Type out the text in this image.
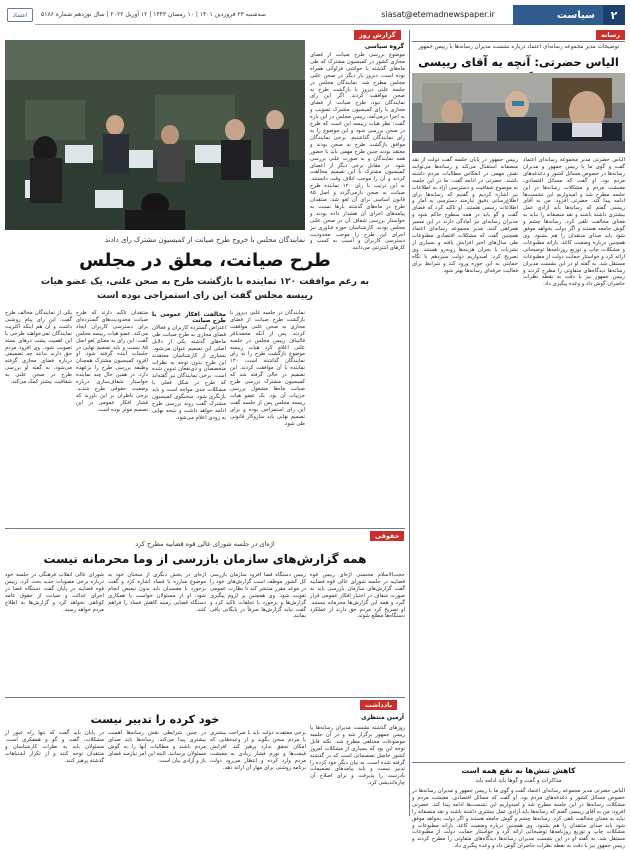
اعتماد	سه‌شنبه ۲۳ فروردین ۱۴۰۱ | ۱۰ رمضان ۱۴۴۳ | ۱۲ آوریل ۲۰۲۲ | سال نوزدهم شماره ۵۱۸۶	siasat@etemadnewspaper.ir	سیاست	۲
رسانه
توضیحات مدیر مجموعه رسانه‌ای اعتماد درباره نشست مدیران رسانه‌ها با رییس جمهور
الیاس حضرتی: آنچه به آقای رییسی
الیاس حضرتی مدیر مجموعه رسانه‌ای اعتماد گفت و گوی ما با رییس جمهور و مدیران رسانه‌ها در خصوص مسائل کشور و دغدغه‌های مردم بود. او گفت که مسائل اقتصادی، معیشت مردم و مشکلات رسانه‌ها در این جلسه مطرح شد و امیدواریم این نشست‌ها ادامه پیدا کند. حضرتی افزود: من به آقای رییسی گفتم که رسانه‌ها باید آزادی عمل بیشتری داشته باشند و نقد منصفانه را نباید به معنای مخالفت تلقی کرد. رسانه‌ها چشم و گوش جامعه هستند و اگر دولت بخواهد موفق شود باید صدای منتقدان را هم بشنود. وی همچنین درباره وضعیت کاغذ، یارانه مطبوعات و مشکلات چاپ و توزیع روزنامه‌ها توضیحاتی ارائه کرد و خواستار حمایت دولت از مطبوعات مستقل شد. به گفته او در این نشست مدیران رسانه‌ها دیدگاه‌های متفاوتی را مطرح کردند و رییس جمهور نیز با دقت به نقطه نظرات حاضران گوش داد و وعده پیگیری داد.
رییس جمهور در پایان جلسه گفت دولت از نقد منصفانه استقبال می‌کند و رسانه‌ها می‌توانند نقش مهمی در انعکاس مطالبات مردم داشته باشند. حضرتی در ادامه گفت: ما در این جلسه به موضوع شفافیت و دسترسی آزاد به اطلاعات نیز اشاره کردیم و گفتیم که رسانه‌ها برای اطلاع‌رسانی دقیق نیازمند دسترسی به آمار و اطلاعات رسمی هستند. او تاکید کرد که فضای گفت و گو باید در همه سطوح حاکم شود و مدیران رسانه‌ای نیز آمادگی دارند در این مسیر همراهی کنند. مدیر مجموعه رسانه‌ای اعتماد همچنین گفت که مشکلات اقتصادی مطبوعات طی سال‌های اخیر افزایش یافته و بسیاری از نشریات با بحران هزینه‌ها روبه‌رو هستند. وی تصریح کرد: امیدواریم دولت سیزدهم با نگاه حمایتی به این حوزه ورود کند و شرایط برای فعالیت حرفه‌ای رسانه‌ها بهتر شود.
کاهش تنش‌ها به نفع همه است
مذاکرات و گفت و گوها باید ادامه یابد
الیاس حضرتی مدیر مجموعه رسانه‌ای اعتماد گفت و گوی ما با رییس جمهور و مدیران رسانه‌ها در خصوص مسائل کشور و دغدغه‌های مردم بود. او گفت که مسائل اقتصادی، معیشت مردم و مشکلات رسانه‌ها در این جلسه مطرح شد و امیدواریم این نشست‌ها ادامه پیدا کند. حضرتی افزود: من به آقای رییسی گفتم که رسانه‌ها باید آزادی عمل بیشتری داشته باشند و نقد منصفانه را نباید به معنای مخالفت تلقی کرد. رسانه‌ها چشم و گوش جامعه هستند و اگر دولت بخواهد موفق شود باید صدای منتقدان را هم بشنود. وی همچنین درباره وضعیت کاغذ، یارانه مطبوعات و مشکلات چاپ و توزیع روزنامه‌ها توضیحاتی ارائه کرد و خواستار حمایت دولت از مطبوعات مستقل شد. به گفته او در این نشست مدیران رسانه‌ها دیدگاه‌های متفاوتی را مطرح کردند و رییس جمهور نیز با دقت به نقطه نظرات حاضران گوش داد و وعده پیگیری داد.
گزارش روز
گروه سیاسی
موضوع بررسی طرح صیانت از فضای مجازی کشور در کمیسیون مشترک که طی ماه‌های گذشته با حواشی فراوانی همراه بوده است، دیروز بار دیگر در صحن علنی مجلس مطرح شد. نمایندگان مجلس در جلسه علنی دیروز با بازگشت طرح به صحن موافقت کردند. اگر این رای نمایندگان نبود، طرح صیانت از فضای مجازی با رای کمیسیون مشترک تصویب و به اجرا درمی‌آمد. رییس مجلس در این باره گفت: نظر هیات رییسه این است که طرح در صحن بررسی شود و این موضوع را به رای نمایندگان گذاشتیم. برخی نمایندگان موافق بازگشت طرح به صحن بودند و معتقد بودند چنین طرح مهمی باید با حضور همه نمایندگان و به صورت علنی بررسی شود. در مقابل برخی دیگر از اعضای کمیسیون مشترک با این تصمیم مخالفت کردند و آن را موجب اتلاف وقت دانستند. به این ترتیب با رای ۱۲۰ نماینده طرح صیانت به صحن بازمی‌گردد و اصل ۸۵ قانون اساسی برای آن لغو شد. منتقدان طرح در ماه‌های گذشته بارها نسبت به پیامدهای اجرای آن هشدار داده بودند و خواستار بررسی شفاف آن در صحن علنی مجلس بودند. کارشناسان حوزه فناوری نیز اجرای این طرح را موجب محدودیت دسترسی کاربران و آسیب به کسب و کارهای اینترنتی می‌دانند.
نمایندگان مجلس با خروج طرح صیانت از کمیسیون مشترک رای دادند
طرح صیانت، معلق در مجلس
به رغم موافقت ۱۲۰ نماینده با بازگشت طرح به صحن علنی، یک عضو هیات
رییسه مجلس گفت این رای استمزاجی بوده است
نمایندگان در جلسه علنی دیروز با بازگشت طرح صیانت از فضای مجازی به صحن علنی موافقت کردند. پس از آنکه محمدباقر قالیباف رییس مجلس در جلسه علنی اعلام کرد هیات رییسه موضوع بازگشت طرح را به رای نمایندگان گذاشته است، ۱۲۰ نماینده با آن موافقت کردند. این تصمیم در حالی گرفته شد که کمیسیون مشترک بررسی طرح صیانت ماه‌ها مشغول بررسی جزییات آن بود. یک عضو هیات رییسه مجلس پس از جلسه گفت این رای استمزاجی بوده و برای تصمیم نهایی باید سازوکار قانونی طی شود.
مخالفت افکار عمومی با طرح صیانت
اعتراض گسترده کاربران و فعالان فضای مجازی به طرح صیانت طی ماه‌های گذشته یکی از دلایل اصلی این تصمیم عنوان می‌شود. بسیاری از کارشناسان معتقدند این طرح بدون توجه به نظرات متخصصان و ذی‌نفعان تدوین شده است. برخی نمایندگان نیز گفته‌اند که طرح در شکل فعلی با مشکلات جدی مواجه است و باید بازنگری شود. سخنگوی کمیسیون مشترک گفت روند بررسی طرح ادامه خواهد داشت و نتیجه نهایی به زودی اعلام می‌شود.
منتقدان تاکید دارند که طرح صیانت محدودیت‌های گسترده‌ای برای دسترسی کاربران ایجاد می‌کند. عضو هیات رییسه مجلس گفت: این رای به معنای لغو اصل ۸۵ نیست و باید تصمیم نهایی در جلسات آینده گرفته شود. او افزود کمیسیون مشترک همچنان وظیفه بررسی طرح را برعهده دارد. در همین حال چند نماینده خواستار شفاف‌سازی درباره وضعیت حقوقی طرح شدند. برخی ناظران بر این باورند که فشار افکار عمومی در این تصمیم موثر بوده است.
یکی از نمایندگان مخالف طرح گفت: این رای پیام روشنی داشت و آن هم اینکه اکثریت نمایندگان نمی‌خواهند طرحی با این اهمیت پشت درهای بسته تصویب شود. وی افزود مردم حق دارند بدانند چه تصمیمی درباره فضای مجازی گرفته می‌شود. به گفته او بررسی طرح در صحن علنی به شفافیت بیشتر کمک می‌کند.
حقوقی
اژه‌ای در جلسه شورای عالی قوه قضاییه مطرح کرد
همه گزارش‌های سازمان بازرسی از وما محرمانه نیست
حجت‌الاسلام محسنی اژه‌ای رییس قوه قضاییه در جلسه شورای عالی قوه قضاییه گفت گزارش‌های سازمان بازرسی باید به صورت شفاف در اختیار افکار عمومی قرار گیرد و همه این گزارش‌ها محرمانه نیستند. او تصریح کرد مردم حق دارند از عملکرد دستگاه‌ها مطلع شوند.
رییس دستگاه قضا افزود سازمان بازرسی کل کشور موظف است گزارش‌های خود را در موعد مقرر منتشر کند تا نظارت عمومی تقویت شود. وی همچنین بر لزوم پیگیری گزارش‌ها و برخورد با تخلفات تاکید کرد و گفت نباید گزارش‌ها صرفاً در بایگانی باقی بمانند.
اژه‌ای در بخش دیگری از سخنان خود به موضوع مبارزه با فساد اشاره کرد و گفت برخورد با مفسدان باید بدون تبعیض انجام شود. او از مسئولان خواست با همکاری دستگاه قضایی زمینه کاهش فساد را فراهم کنند.
شورای عالی انقلاب فرهنگی در جلسه خود درباره برخی مصوبات جدید بحث کرد. رییس قوه قضاییه در پایان گفت دستگاه قضا در اجرای عدالت و صیانت از حقوق عامه کوتاهی نخواهد کرد و گزارش‌ها به اطلاع مردم خواهد رسید.
یادداشت
خود کرده را تدبیر نیست	آرمین منتظری
روزهای گذشته نشست مدیران رسانه‌ها با رییس جمهور برگزار شد و در آن جلسه موضوعات مختلفی مطرح شد. نکته قابل توجه این بود که بسیاری از مشکلات امروز کشور حاصل تصمیماتی است که در گذشته گرفته شده است. به بیان دیگر خود کرده را تدبیر نیست و باید پیامدهای تصمیمات نادرست را پذیرفت و برای اصلاح آن چاره‌اندیشی کرد.
برخی معتقدند دولت باید با صراحت بیشتری با مردم سخن بگوید و از وعده‌هایی که امکان تحقق ندارد پرهیز کند. افزایش قیمت‌ها و تورم فشار زیادی به معیشت مردم وارد کرده و انتظار می‌رود دولت برنامه روشنی برای مهار آن ارائه دهد.
در چنین شرایطی نقش رسانه‌ها اهمیت بیشتری پیدا می‌کند. رسانه‌ها باید صدای مردم باشند و مطالبات آنها را به گوش مسئولان برسانند. البته این امر نیازمند فضای باز و آزادی بیان است.
در پایان باید گفت که تنها راه عبور از مشکلات، گفت و گو و همفکری است. مسئولان باید به نظرات کارشناسان و منتقدان توجه کنند و از تکرار اشتباهات گذشته پرهیز کنند.
